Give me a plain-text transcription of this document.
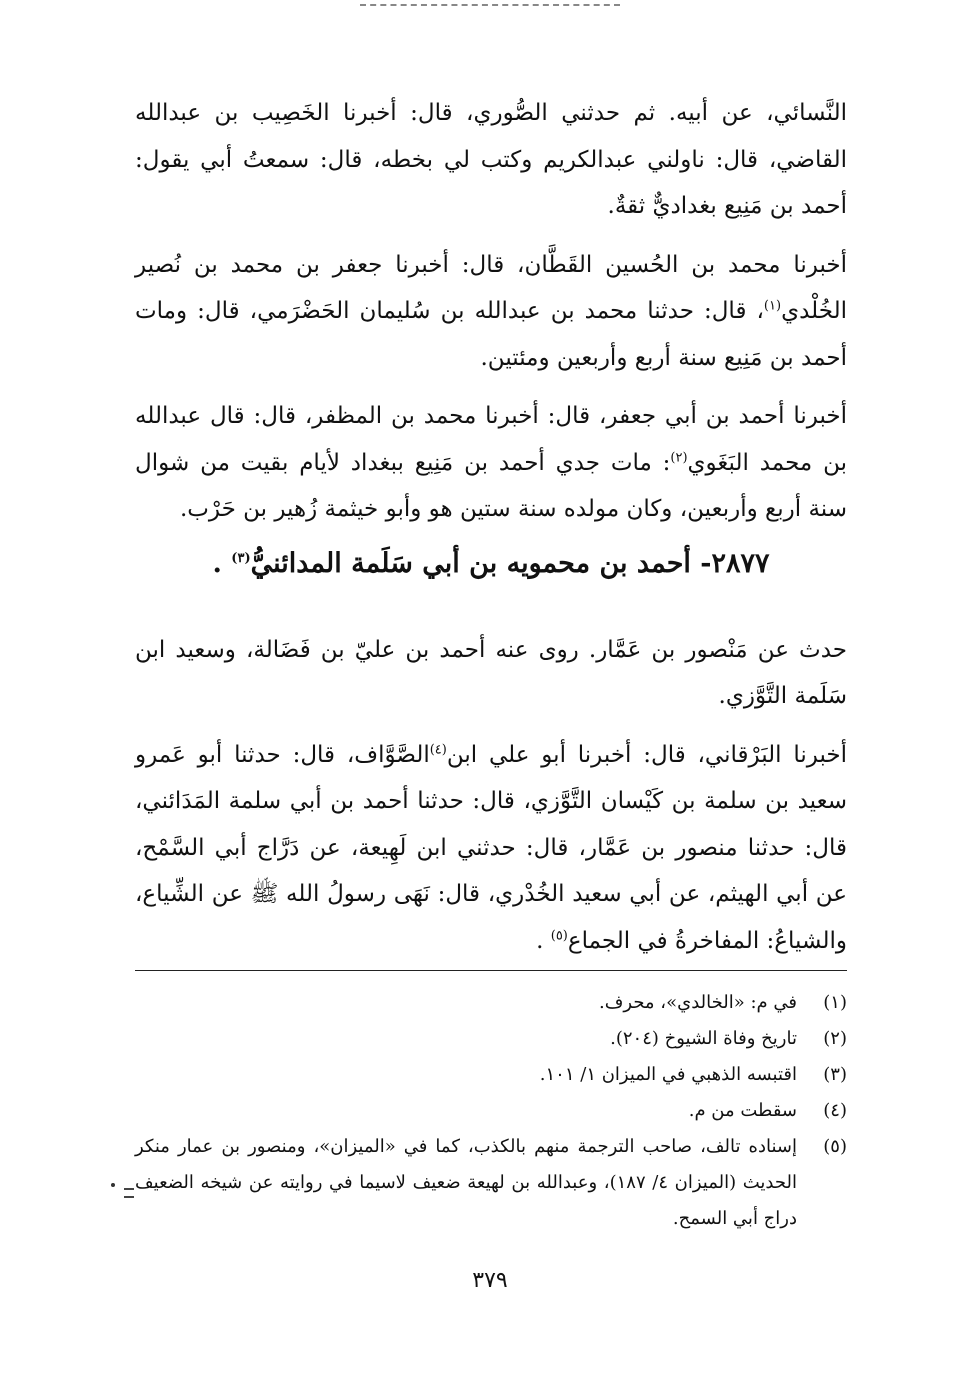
النَّسائي، عن أبيه. ثم حدثني الصُّوري، قال: أخبرنا الخَصِيب بن عبدالله القاضي، قال: ناولني عبدالكريم وكتب لي بخطه، قال: سمعتُ أبي يقول: أحمد بن مَنِيع بغداديٌّ ثقةٌ.

أخبرنا محمد بن الحُسين القَطَّان، قال: أخبرنا جعفر بن محمد بن نُصير الخُلْدي$^{(١)}$، قال: حدثنا محمد بن عبدالله بن سُليمان الحَضْرَمي، قال: ومات أحمد بن مَنِيع سنة أربع وأربعين ومئتين.

أخبرنا أحمد بن أبي جعفر، قال: أخبرنا محمد بن المظفر، قال: قال عبدالله بن محمد البَغَوي$^{(٢)}$: مات جدي أحمد بن مَنِيع ببغداد لأيام بقيت من شوال سنة أربع وأربعين، وكان مولده سنة ستين هو وأبو خيثمة زُهير بن حَرْب.

٢٨٧٧- أحمد بن محمويه بن أبي سَلَمة المدائنيُّ$^{(٣)}$ .

حدث عن مَنْصور بن عَمَّار. روى عنه أحمد بن عليّ بن فَضَالة، وسعيد ابن سَلَمة التَّوَّزي.

أخبرنا البَرْقاني، قال: أخبرنا أبو علي ابن$^{(٤)}$الصَّوَّاف، قال: حدثنا أبو عَمرو سعيد بن سلمة بن كَيْسان التَّوَّزي، قال: حدثنا أحمد بن أبي سلمة المَدَائني، قال: حدثنا منصور بن عَمَّار، قال: حدثني ابن لَهِيعة، عن دَرَّاج أبي السَّمْح، عن أبي الهيثم، عن أبي سعيد الخُدْري، قال: نَهَى رسولُ الله ﷺ عن الشِّياع، والشياعُ: المفاخرةُ في الجماع$^{(٥)}$ .

(١)
في م: «الخالدي»، محرف.
(٢)
تاريخ وفاة الشيوخ (٢٠٤).
(٣)
اقتبسه الذهبي في الميزان ١/ ١٠١.
(٤)
سقطت من م.
(٥)
إسناده تالف، صاحب الترجمة منهم بالكذب، كما في «الميزان»، ومنصور بن عمار منكر الحديث (الميزان ٤/ ١٨٧)، وعبدالله بن لهيعة ضعيف لاسيما في روايته عن شيخه الضعيف دراج أبي السمح.
٣٧٩
